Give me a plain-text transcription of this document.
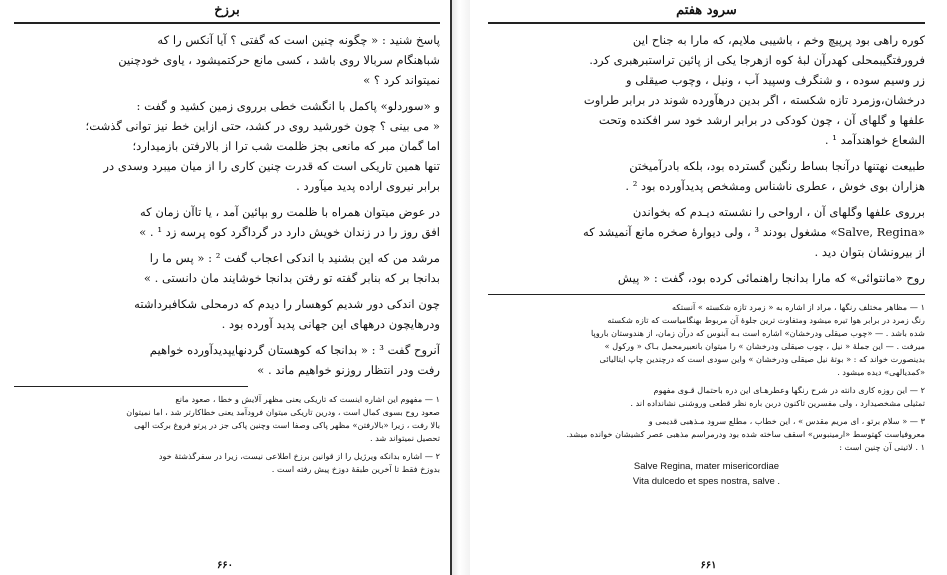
برزخ

پاسخ شنید : « چگونه چنین است که گفتی ؟ آیا آنکس را که
شباهنگام سربالا روی باشد ، کسی مانع حرکتمیشود ، یاوی خودچنین
نمیتواند کرد ؟ »

و «سوردلو» پاکمل با انگشت خطی برروی زمین کشید و گفت :
« می بینی ؟ چون خورشید روی در کشد، حتی ازاین خط نیز توانی گذشت؛
اما گمان مبر که مانعی بجز ظلمت شب ترا از بالارفتن بازمیدارد؛
تنها همین تاریکی است که قدرت چنین کاری را از میان میبرد وسدی در
برابر نیروی اراده پدید میآورد .

در عوض میتوان همراه با ظلمت رو بپائین آمد ، یا تاآن زمان که
افق روز را در زندان خویش دارد در گرداگرد کوه پرسه زد ¹ . »

مرشد من که این بشنید با اندکی اعجاب گفت ² : « پس ما را
بدانجا بر که بنابر گفته تو رفتن بدانجا خوشایند مان دانستی . »

چون اندکی دور شدیم کوهسار را دیدم که درمحلی شکافبرداشته
ودرهایچون درههای این جهانی پدید آورده بود .

آنروح گفت ³ : « بدانجا که کوهستان گردنهایپدیدآورده خواهیم
رفت ودر انتظار روزنو خواهیم ماند . »

۱ — مفهوم این اشاره اینست که تاریکی یعنی مظهر آلایش و خطا ، صعود مانع
صعود روح بسوی کمال است ، ودرین تاریکی میتوان فرودآمد یعنی خطاکارتر شد ، اما نمیتوان
بالا رفت ، زیرا «بالارفتن» مظهر پاکی وصفا است وچنین پاکی جز در پرتو فروغ برکت الهی
تحصیل نمیتواند شد .

۲ — اشاره بدانکه ویرژیل را از قوانین برزخ اطلاعی نیست، زیرا در سفرگذشتهٔ خود
بدوزخ فقط تا آخرین طبقهٔ دوزخ پیش رفته است .

۶۶۰
سرود هفتم

کوره راهی بود پرپیچ وخم ، باشیبی ملایم، که مارا به جناح این
فرورفتگیبمحلی کهدرآن لبهٔ کوه ازهرجا یکی از پائین تراستبرهبری کرد.
زر وسیم سوده ، و شنگرف وسپید آب ، ونیل ، وچوب صیقلی و
درخشان،وزمرد تازه شکسته ، اگر بدین درهآورده شوند در برابر طراوت
علفها و گلهای آن ، چون کودکی در برابر ارشد خود سر افکنده وتحت
الشعاع خواهندآمد ¹ .

طبیعت نهتنها درآنجا بساط رنگین گسترده بود، بلکه بادرآمیختن
هزاران بوی خوش ، عطری ناشناس ومشخص پدیدآورده بود ² .

برروی علفها وگلهای آن ، ارواحی را نشسته دیـدم که بخواندن
«Salve, Regina» مشغول بودند ³ ، ولی دیوارهٔ صخره مانع آنمیشد که
از بیرونشان بتوان دید .

روح «مانتوائی» که مارا بدانجا راهنمائی کرده بود، گفت : « پیش

۱ — مظاهر مختلف رنگها ، مراد از اشاره به « زمرد تازه شکسته » آنستکه
رنگ زمرد در برابر هوا تیره میشود ومتفاوت ترین جلوهٔ آن مربوط بهنگامیاست که تازه شکسته
شده باشد . — «چوب صیقلی ودرخشان» اشاره است بـه آبنوس که درآن زمان، از هندوستان باروپا
میرفت . — این جملهٔ « نیل ، چوب صیقلی ودرخشان » را میتوان بانعبیرمحمل بـاک « ورکول »
بدینصورت خواند که : « بوتهٔ نیل صیقلی ودرخشان » واین سودی است که درچندین چاپ ایتالیائی
«کمدیالهی» دیده میشود .

۲ — این روزه کاری دانته در شرح رنگها وعطرهـای این دره باحتمال قـوی مفهوم
تمثیلی مشخصیدارد ، ولی مفسرین تاکنون دربن باره نظر قطعی وروشنی نشانداده اند .

۳ — « سلام برتو ، ای مریم مقدس » ، این خطاب ، مطلع سرود مـذهبی قدیمی و
معروفیاست کهتوسط «ارمینبوس» اسقف ساخته شده بود ودرمراسم مذهبی عصر کشیشان خوانده میشد.
۱ . لاتینی آن چنین است :

Salve Regina, mater misericordiae
Vita dulcedo et spes nostra, salve .
۶۶۱
